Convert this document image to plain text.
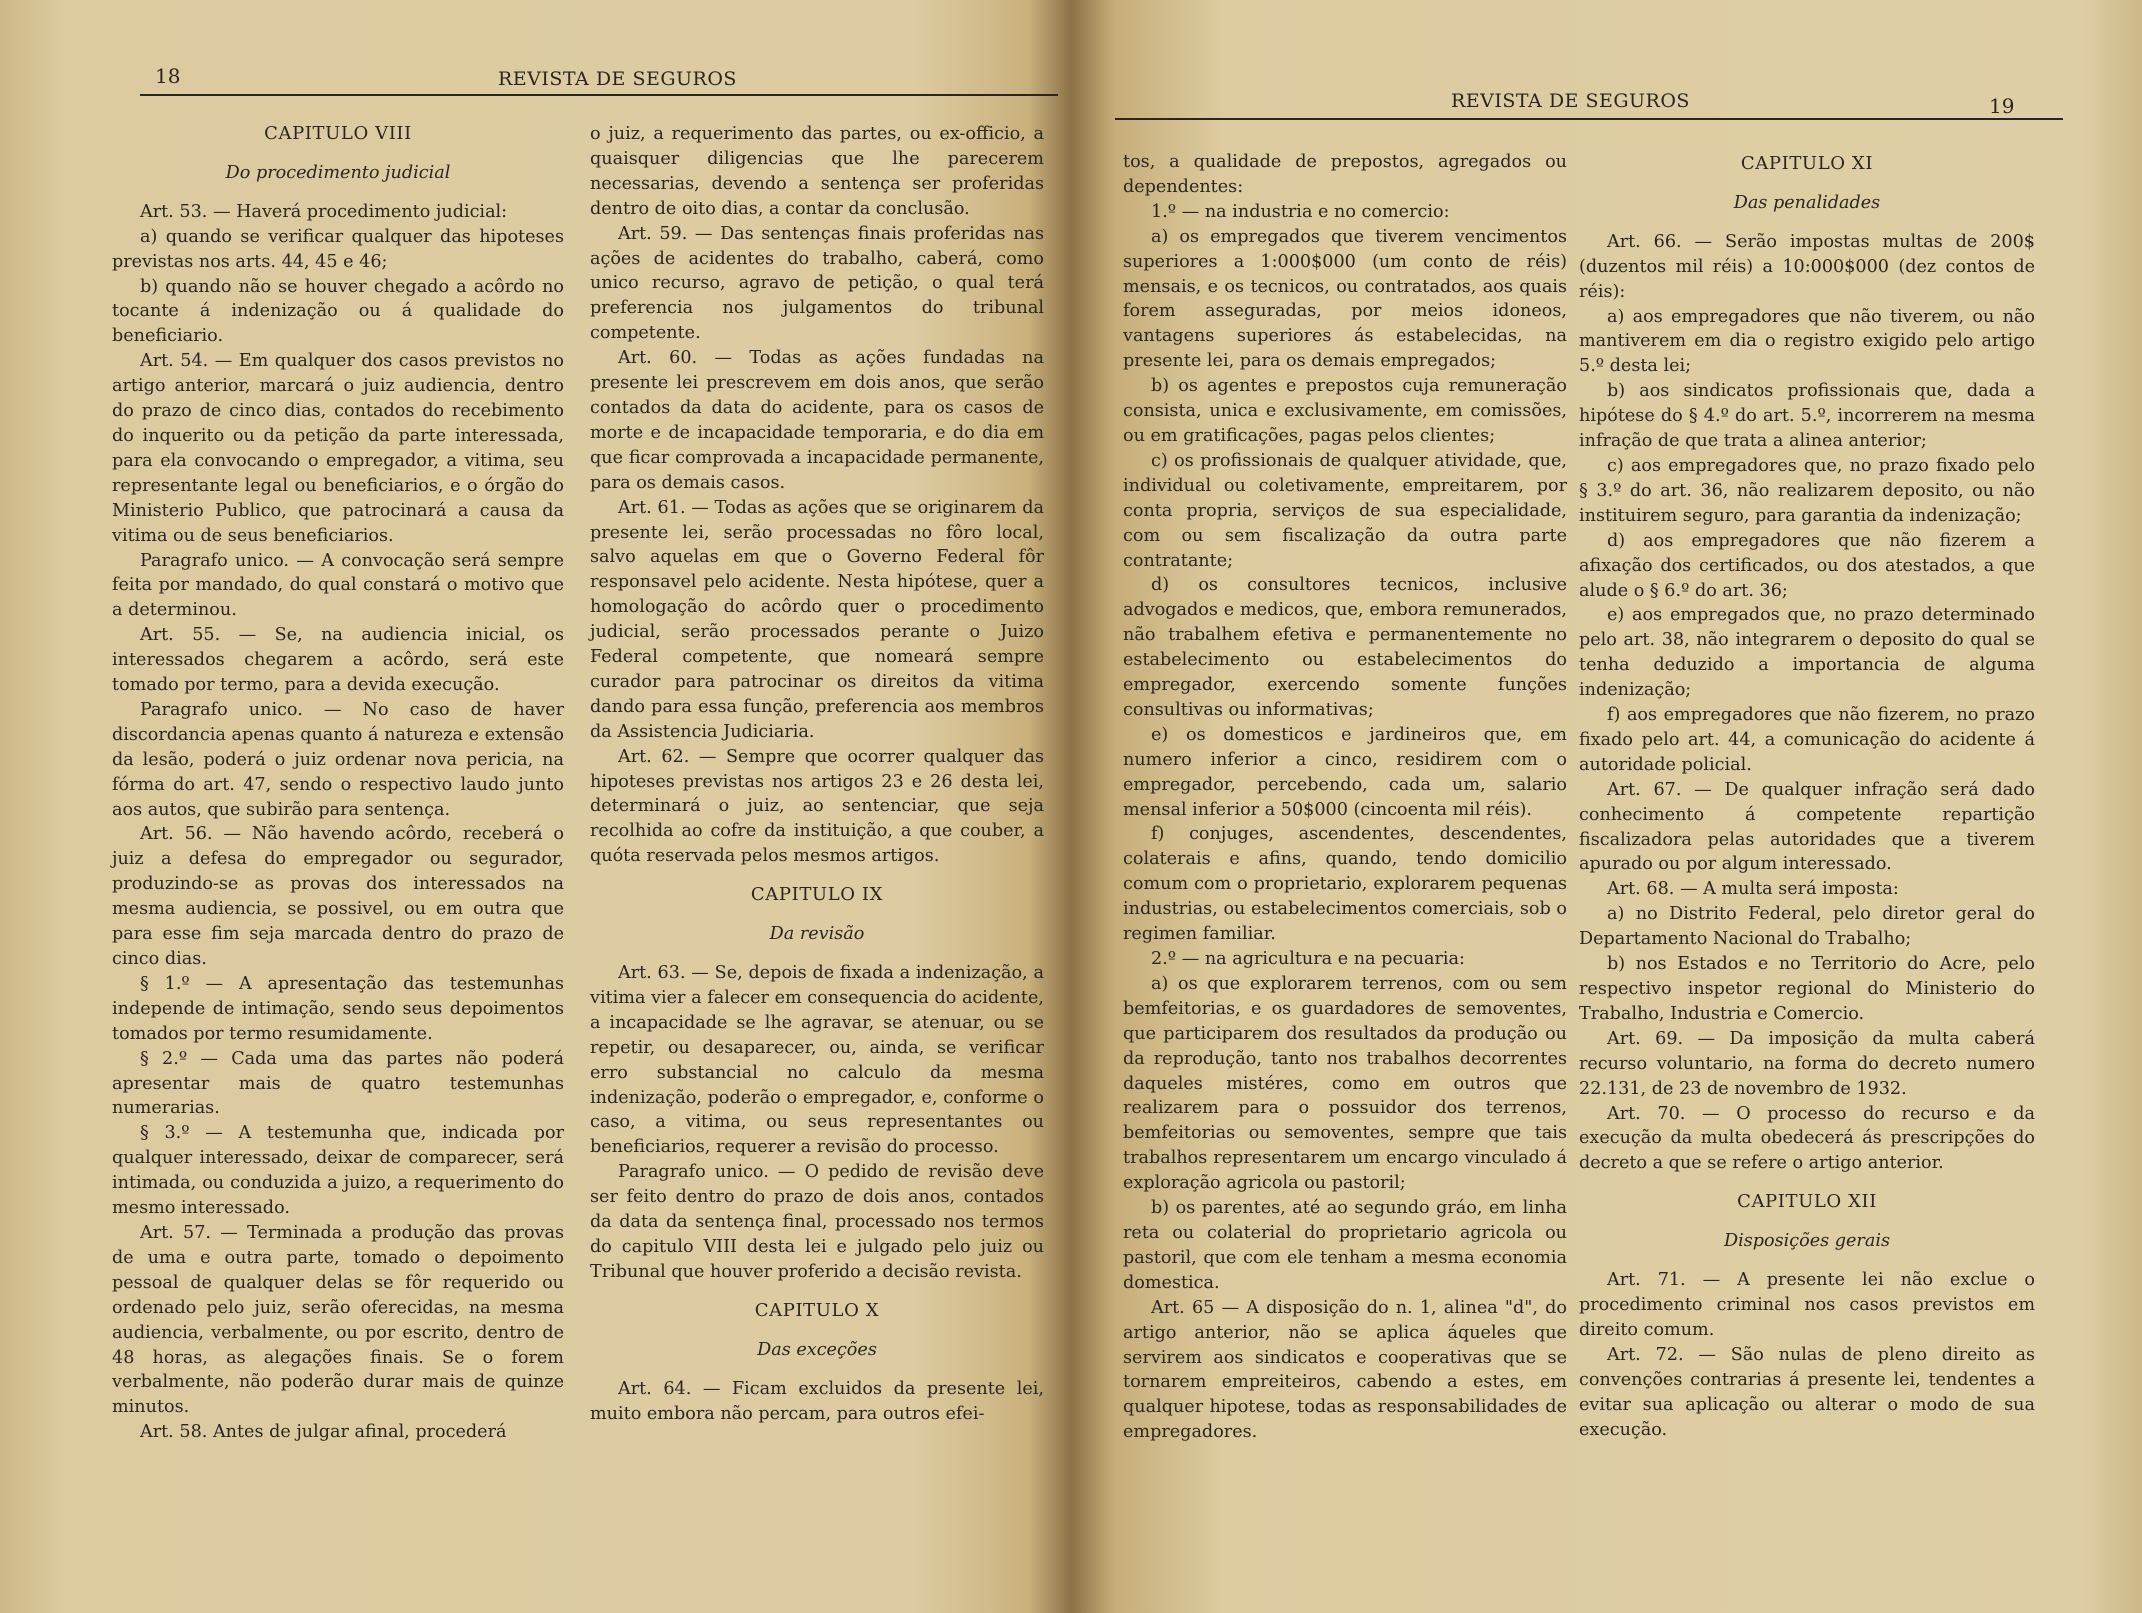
18	REVISTA DE SEGUROS

CAPITULO VIII

Do procedimento judicial

Art. 53. — Haverá procedimento judicial:

a) quando se verificar qualquer das hipoteses previstas nos arts. 44, 45 e 46;

b) quando não se houver chegado a acôrdo no tocante á indenização ou á qualidade do beneficiario.

Art. 54. — Em qualquer dos casos previstos no artigo anterior, marcará o juiz audiencia, dentro do prazo de cinco dias, contados do recebimento do inquerito ou da petição da parte interessada, para ela convocando o empregador, a vitima, seu representante legal ou beneficiarios, e o órgão do Ministerio Publico, que patrocinará a causa da vitima ou de seus beneficiarios.

Paragrafo unico. — A convocação será sempre feita por mandado, do qual constará o motivo que a determinou.

Art. 55. — Se, na audiencia inicial, os interessados chegarem a acôrdo, será este tomado por termo, para a devida execução.

Paragrafo unico. — No caso de haver discordancia apenas quanto á natureza e extensão da lesão, poderá o juiz ordenar nova pericia, na fórma do art. 47, sendo o respectivo laudo junto aos autos, que subirão para sentença.

Art. 56. — Não havendo acôrdo, receberá o juiz a defesa do empregador ou segurador, produzindo-se as provas dos interessados na mesma audiencia, se possivel, ou em outra que para esse fim seja marcada dentro do prazo de cinco dias.

§ 1.º — A apresentação das testemunhas independe de intimação, sendo seus depoimentos tomados por termo resumidamente.

§ 2.º — Cada uma das partes não poderá apresentar mais de quatro testemunhas numerarias.

§ 3.º — A testemunha que, indicada por qualquer interessado, deixar de comparecer, será intimada, ou conduzida a juizo, a requerimento do mesmo interessado.

Art. 57. — Terminada a produção das provas de uma e outra parte, tomado o depoimento pessoal de qualquer delas se fôr requerido ou ordenado pelo juiz, serão oferecidas, na mesma audiencia, verbalmente, ou por escrito, dentro de 48 horas, as alegações finais. Se o forem verbalmente, não poderão durar mais de quinze minutos.

Art. 58. Antes de julgar afinal, procederá

o juiz, a requerimento das partes, ou ex-officio, a quaisquer diligencias que lhe parecerem necessarias, devendo a sentença ser proferidas dentro de oito dias, a contar da conclusão.

Art. 59. — Das sentenças finais proferidas nas ações de acidentes do trabalho, caberá, como unico recurso, agravo de petição, o qual terá preferencia nos julgamentos do tribunal competente.

Art. 60. — Todas as ações fundadas na presente lei prescrevem em dois anos, que serão contados da data do acidente, para os casos de morte e de incapacidade temporaria, e do dia em que ficar comprovada a incapacidade permanente, para os demais casos.

Art. 61. — Todas as ações que se originarem da presente lei, serão processadas no fôro local, salvo aquelas em que o Governo Federal fôr responsavel pelo acidente. Nesta hipótese, quer a homologação do acôrdo quer o procedimento judicial, serão processados perante o Juizo Federal competente, que nomeará sempre curador para patrocinar os direitos da vitima dando para essa função, preferencia aos membros da Assistencia Judiciaria.

Art. 62. — Sempre que ocorrer qualquer das hipoteses previstas nos artigos 23 e 26 desta lei, determinará o juiz, ao sentenciar, que seja recolhida ao cofre da instituição, a que couber, a quóta reservada pelos mesmos artigos.

CAPITULO IX

Da revisão

Art. 63. — Se, depois de fixada a indenização, a vitima vier a falecer em consequencia do acidente, a incapacidade se lhe agravar, se atenuar, ou se repetir, ou desaparecer, ou, ainda, se verificar erro substancial no calculo da mesma indenização, poderão o empregador, e, conforme o caso, a vitima, ou seus representantes ou beneficiarios, requerer a revisão do processo.

Paragrafo unico. — O pedido de revisão deve ser feito dentro do prazo de dois anos, contados da data da sentença final, processado nos termos do capitulo VIII desta lei e julgado pelo juiz ou Tribunal que houver proferido a decisão revista.

CAPITULO X

Das exceções

Art. 64. — Ficam excluidos da presente lei, muito embora não percam, para outros efei-

REVISTA DE SEGUROS	19

tos, a qualidade de prepostos, agregados ou dependentes:

1.º — na industria e no comercio:

a) os empregados que tiverem vencimentos superiores a 1:000$000 (um conto de réis) mensais, e os tecnicos, ou contratados, aos quais forem asseguradas, por meios idoneos, vantagens superiores ás estabelecidas, na presente lei, para os demais empregados;

b) os agentes e prepostos cuja remuneração consista, unica e exclusivamente, em comissões, ou em gratificações, pagas pelos clientes;

c) os profissionais de qualquer atividade, que, individual ou coletivamente, empreitarem, por conta propria, serviços de sua especialidade, com ou sem fiscalização da outra parte contratante;

d) os consultores tecnicos, inclusive advogados e medicos, que, embora remunerados, não trabalhem efetiva e permanentemente no estabelecimento ou estabelecimentos do empregador, exercendo somente funções consultivas ou informativas;

e) os domesticos e jardineiros que, em numero inferior a cinco, residirem com o empregador, percebendo, cada um, salario mensal inferior a 50$000 (cincoenta mil réis).

f) conjuges, ascendentes, descendentes, colaterais e afins, quando, tendo domicilio comum com o proprietario, explorarem pequenas industrias, ou estabelecimentos comerciais, sob o regimen familiar.

2.º — na agricultura e na pecuaria:

a) os que explorarem terrenos, com ou sem bemfeitorias, e os guardadores de semoventes, que participarem dos resultados da produção ou da reprodução, tanto nos trabalhos decorrentes daqueles mistéres, como em outros que realizarem para o possuidor dos terrenos, bemfeitorias ou semoventes, sempre que tais trabalhos representarem um encargo vinculado á exploração agricola ou pastoril;

b) os parentes, até ao segundo gráo, em linha reta ou colaterial do proprietario agricola ou pastoril, que com ele tenham a mesma economia domestica.

Art. 65 — A disposição do n. 1, alinea "d", do artigo anterior, não se aplica áqueles que servirem aos sindicatos e cooperativas que se tornarem empreiteiros, cabendo a estes, em qualquer hipotese, todas as responsabilidades de empregadores.

CAPITULO XI

Das penalidades

Art. 66. — Serão impostas multas de 200$ (duzentos mil réis) a 10:000$000 (dez contos de réis):

a) aos empregadores que não tiverem, ou não mantiverem em dia o registro exigido pelo artigo 5.º desta lei;

b) aos sindicatos profissionais que, dada a hipótese do § 4.º do art. 5.º, incorrerem na mesma infração de que trata a alinea anterior;

c) aos empregadores que, no prazo fixado pelo § 3.º do art. 36, não realizarem deposito, ou não instituirem seguro, para garantia da indenização;

d) aos empregadores que não fizerem a afixação dos certificados, ou dos atestados, a que alude o § 6.º do art. 36;

e) aos empregados que, no prazo determinado pelo art. 38, não integrarem o deposito do qual se tenha deduzido a importancia de alguma indenização;

f) aos empregadores que não fizerem, no prazo fixado pelo art. 44, a comunicação do acidente á autoridade policial.

Art. 67. — De qualquer infração será dado conhecimento á competente repartição fiscalizadora pelas autoridades que a tiverem apurado ou por algum interessado.

Art. 68. — A multa será imposta:

a) no Distrito Federal, pelo diretor geral do Departamento Nacional do Trabalho;

b) nos Estados e no Territorio do Acre, pelo respectivo inspetor regional do Ministerio do Trabalho, Industria e Comercio.

Art. 69. — Da imposição da multa caberá recurso voluntario, na forma do decreto numero 22.131, de 23 de novembro de 1932.

Art. 70. — O processo do recurso e da execução da multa obedecerá ás prescripções do decreto a que se refere o artigo anterior.

CAPITULO XII

Disposições gerais

Art. 71. — A presente lei não exclue o procedimento criminal nos casos previstos em direito comum.

Art. 72. — São nulas de pleno direito as convenções contrarias á presente lei, tendentes a evitar sua aplicação ou alterar o modo de sua execução.
